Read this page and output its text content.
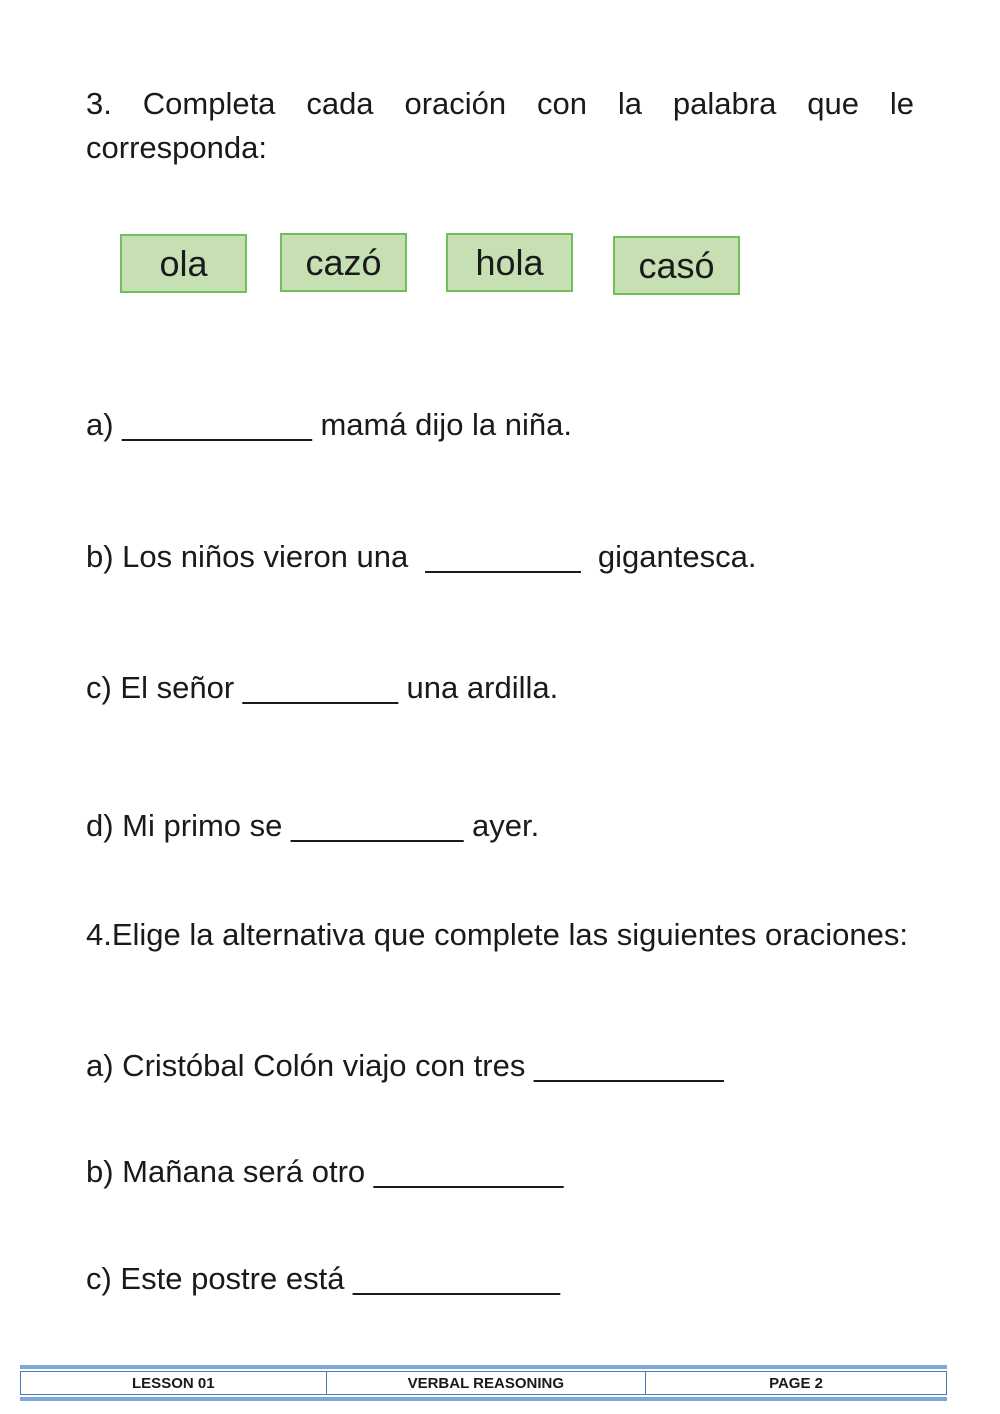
3. Completa cada oración con la palabra que le corresponda:

ola	cazó	hola	casó

a) ___________ mamá dijo la niña.

b) Los niños vieron una  _________  gigantesca.

c) El señor _________ una ardilla.

d) Mi primo se __________ ayer.

4.Elige la alternativa que complete las siguientes oraciones:

a) Cristóbal Colón viajo con tres ___________

b) Mañana será otro ___________

c) Este postre está ____________

LESSON 01	VERBAL REASONING	PAGE 2
